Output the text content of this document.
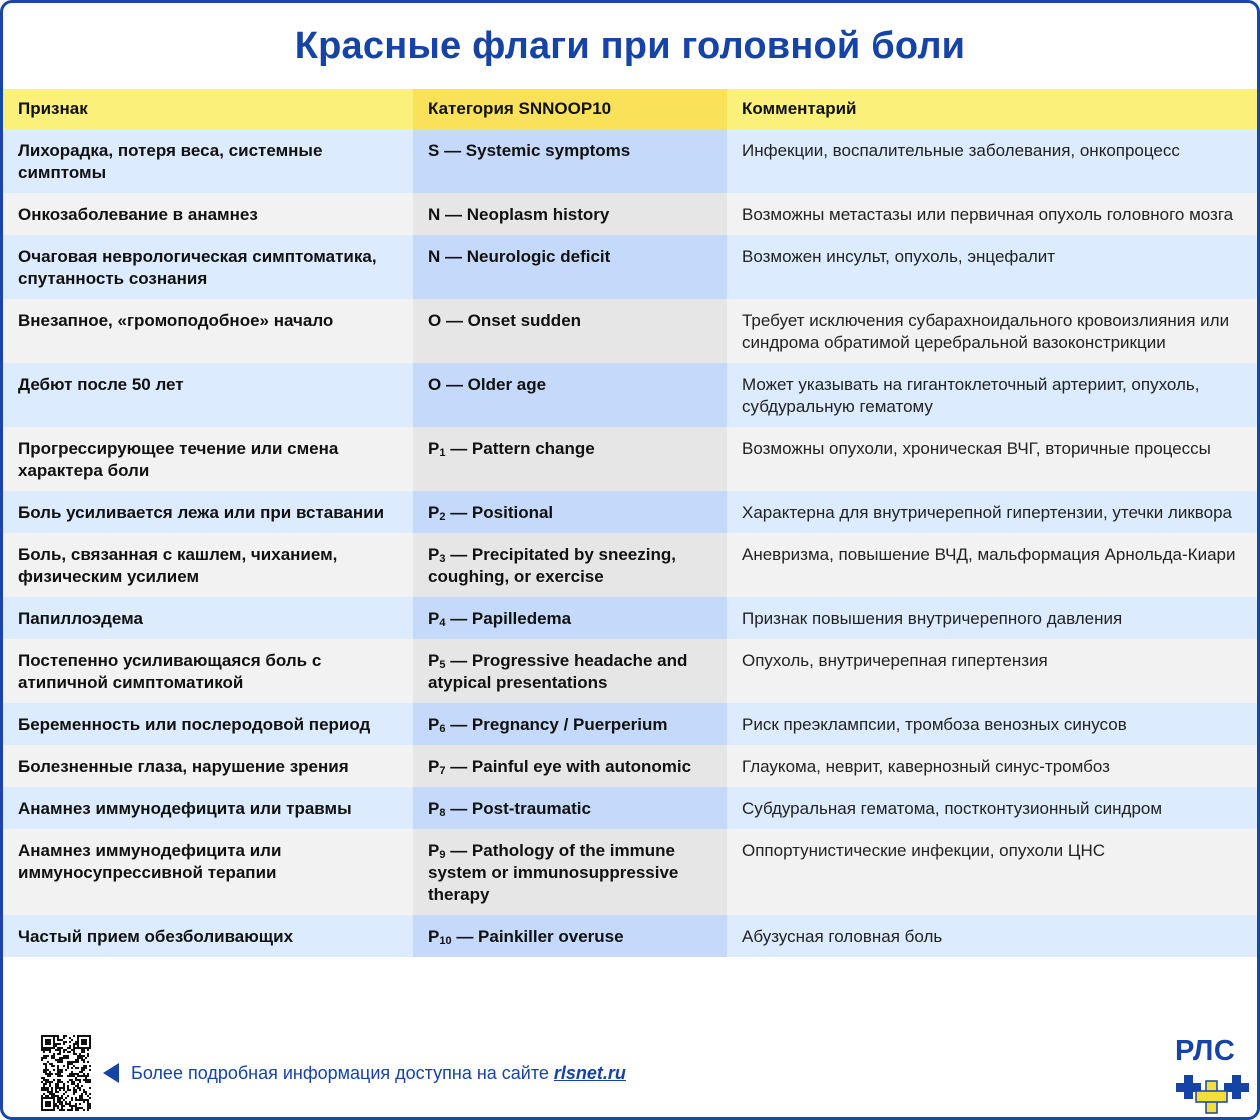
Красные флаги при головной боли
Признак	Категория SNNOOP10	Комментарий
Лихорадка, потеря веса, системные симптомы	S — Systemic symptoms	Инфекции, воспалительные заболевания, онкопроцесс
Онкозаболевание в анамнез	N — Neoplasm history	Возможны метастазы или первичная опухоль головного мозга
Очаговая неврологическая симптоматика, спутанность сознания	N — Neurologic deficit	Возможен инсульт, опухоль, энцефалит
Внезапное, «громоподобное» начало	O — Onset sudden	Требует исключения субарахноидального кровоизлияния или синдрома обратимой церебральной вазоконстрикции
Дебют после 50 лет	O — Older age	Может указывать на гигантоклеточный артериит, опухоль, субдуральную гематому
Прогрессирующее течение или смена характера боли	$P_1$ — Pattern change	Возможны опухоли, хроническая ВЧГ, вторичные процессы
Боль усиливается лежа или при вставании	$P_2$ — Positional	Характерна для внутричерепной гипертензии, утечки ликвора
Боль, связанная с кашлем, чиханием, физическим усилием	$P_3$ — Precipitated by sneezing, coughing, or exercise	Аневризма, повышение ВЧД, мальформация Арнольда-Киари
Папиллоэдема	$P_4$ — Papilledema	Признак повышения внутричерепного давления
Постепенно усиливающаяся боль с атипичной симптоматикой	$P_5$ — Progressive headache and atypical presentations	Опухоль, внутричерепная гипертензия
Беременность или послеродовой период	$P_6$ — Pregnancy / Puerperium	Риск преэклампсии, тромбоза венозных синусов
Болезненные глаза, нарушение зрения	$P_7$ — Painful eye with autonomic	Глаукома, неврит, кавернозный синус-тромбоз
Анамнез иммунодефицита или травмы	$P_8$ — Post-traumatic	Субдуральная гематома, постконтузионный синдром
Анамнез иммунодефицита или иммуносупрессивной терапии	$P_9$ — Pathology of the immune system or immunosuppressive therapy	Оппортунистические инфекции, опухоли ЦНС
Частый прием обезболивающих	$P_{10}$ — Painkiller overuse	Абузусная головная боль
Более подробная информация доступна на сайте rlsnet.ru
РЛС
